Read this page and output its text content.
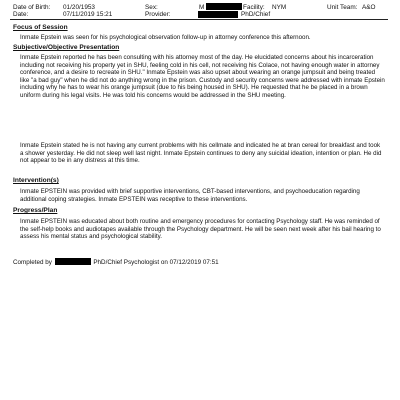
Date of Birth: 01/20/1953	Sex:	M	Facility: NYM	Unit Team: A&O
Date:	07/11/2019 15:21	Provider:	PhD/Chief
Focus of Session
Inmate Epstein was seen for his psychological observation follow-up in attorney conference this afternoon.
Subjective/Objective Presentation
Inmate Epstein reported he has been consulting with his attorney most of the day. He elucidated concerns about his incarceration including not receiving his property yet in SHU, feeling cold in his cell, not receiving his Colace, not having enough water in attorney conference, and a desire to recreate in SHU." Inmate Epstein was also upset about wearing an orange jumpsuit and being treated like "a bad guy" when he did not do anything wrong in the prison. Custody and security concerns were addressed with inmate Epstein including why he has to wear his orange jumpsuit (due to his being housed in SHU). He requested that he be placed in a brown uniform during his legal visits. He was told his concerns would be addressed in the SHU meeting.
Inmate Epstein stated he is not having any current problems with his cellmate and indicated he at bran cereal for breakfast and took a shower yesterday. He did not sleep well last night. Inmate Epstein continues to deny any suicidal ideation, intention or plan. He did not appear to be in any distress at this time.
Intervention(s)
Inmate EPSTEIN was provided with brief supportive interventions, CBT-based interventions, and psychoeducation regarding additional coping strategies. Inmate EPSTEIN was receptive to these interventions.
Progress/Plan
Inmate EPSTEIN was educated about both routine and emergency procedures for contacting Psychology staff. He was reminded of the self-help books and audiotapes available through the Psychology department. He will be seen next week after his bail hearing to assess his mental status and psychological stability.
Completed by	PhD/Chief Psychologist on 07/12/2019 07:51
